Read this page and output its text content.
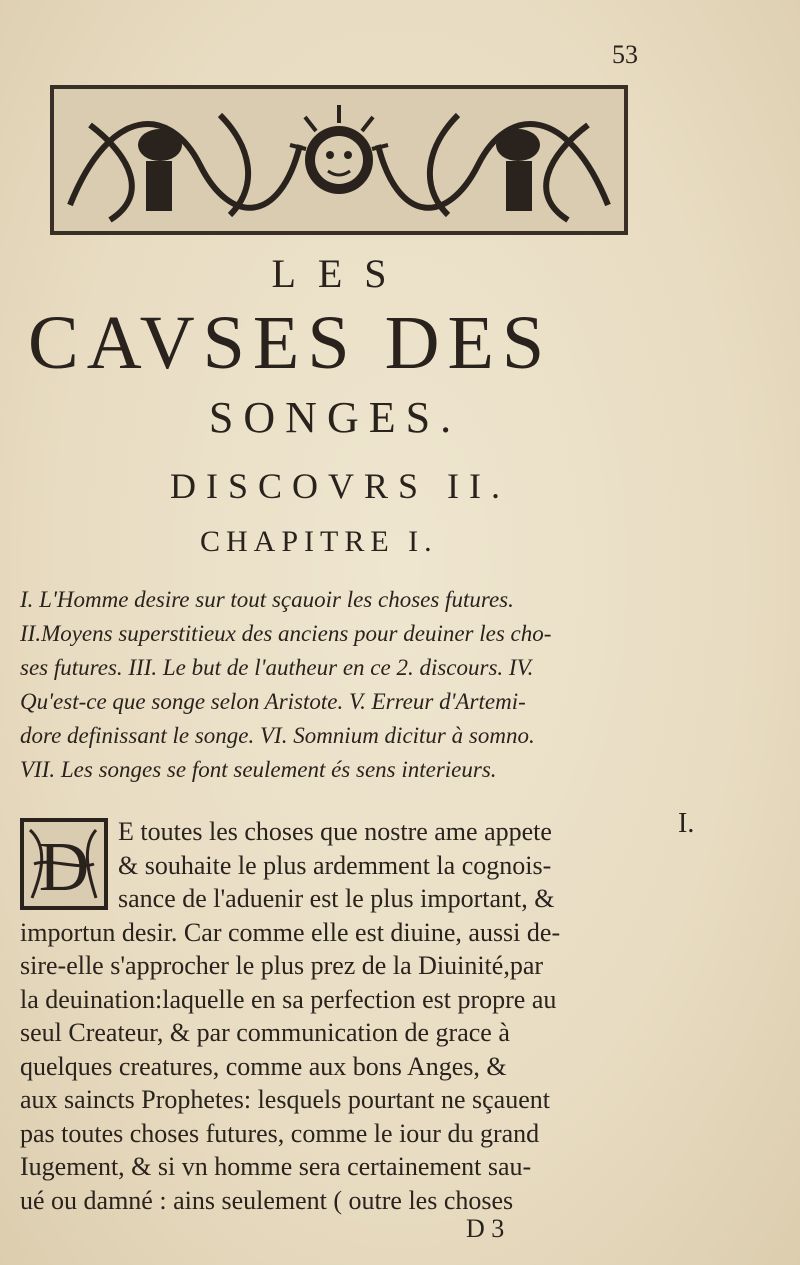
53
LES
CAVSES DES
SONGES.
DISCOVRS II.
CHAPITRE I.
I. L'Homme desire sur tout sçauoir les choses futures.
II.Moyens superstitieux des anciens pour deuiner les cho-
ses futures. III. Le but de l'autheur en ce 2. discours. IV.
Qu'est-ce que songe selon Aristote. V. Erreur d'Artemi-
dore definissant le songe. VI. Somnium dicitur à somno.
VII. Les songes se font seulement és sens interieurs.
I.
D	E toutes les choses que nostre ame appete
& souhaite le plus ardemment la cognois-
sance de l'aduenir est le plus important, &
importun desir. Car comme elle est diuine, aussi de-
sire-elle s'approcher le plus prez de la Diuinité,par
la deuination:laquelle en sa perfection est propre au
seul Createur, & par communication de grace à
quelques creatures, comme aux bons Anges, &
aux saincts Prophetes: lesquels pourtant ne sçauent
pas toutes choses futures, comme le iour du grand
Iugement, & si vn homme sera certainement sau-
ué ou damné : ains seulement ( outre les choses
D 3
